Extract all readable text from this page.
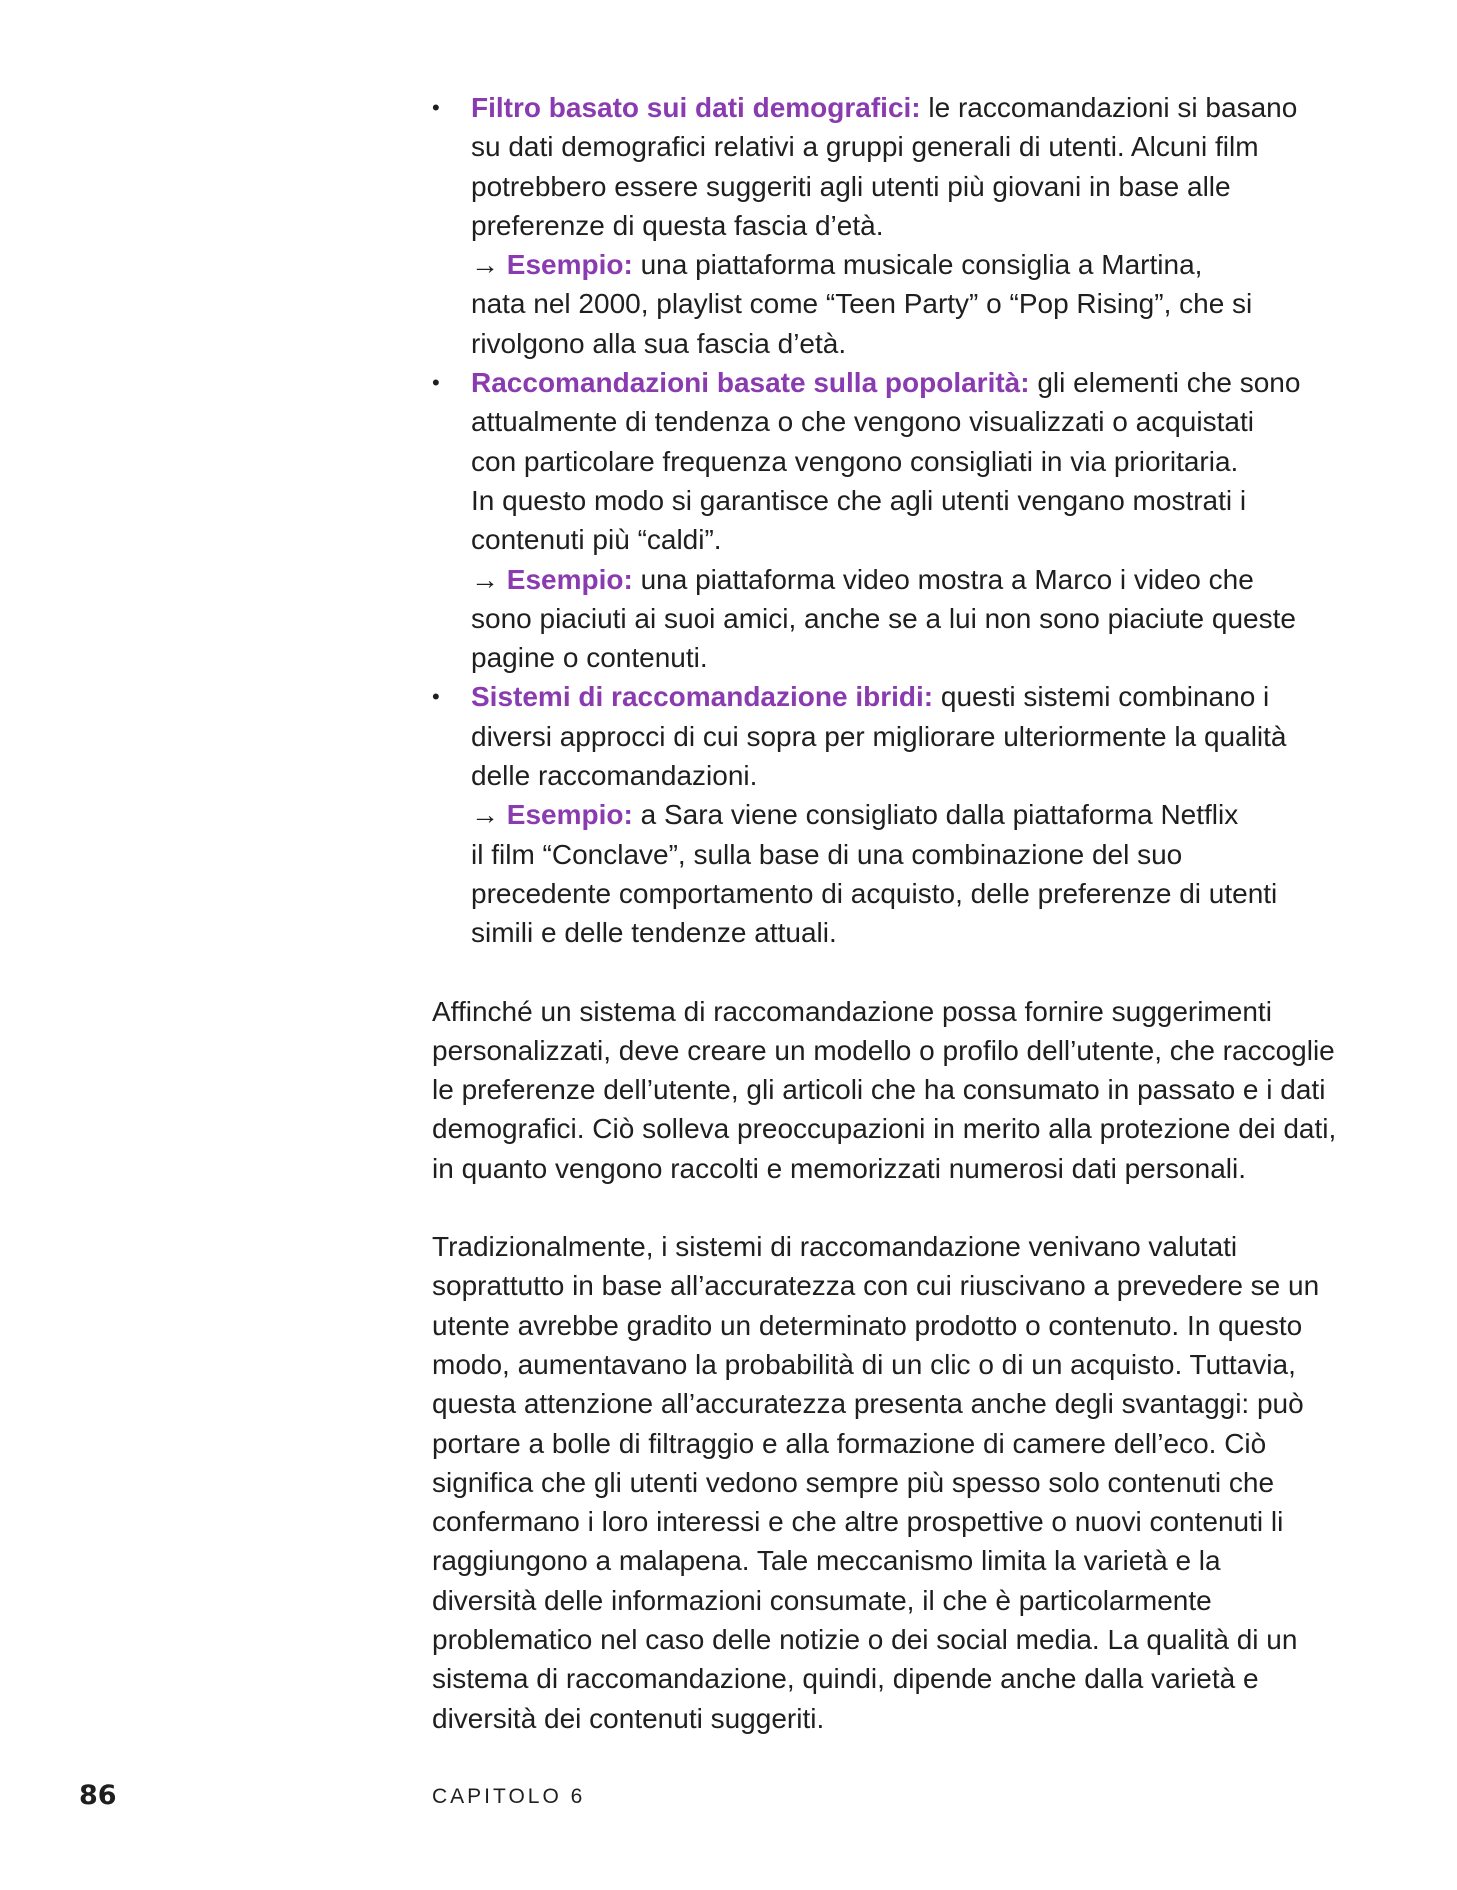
• Filtro basato sui dati demografici: le raccomandazioni si basano
su dati demografici relativi a gruppi generali di utenti. Alcuni film
potrebbero essere suggeriti agli utenti più giovani in base alle
preferenze di questa fascia d’età.
→ Esempio: una piattaforma musicale consiglia a Martina,
nata nel 2000, playlist come “Teen Party” o “Pop Rising”, che si
rivolgono alla sua fascia d’età.
• Raccomandazioni basate sulla popolarità: gli elementi che sono
attualmente di tendenza o che vengono visualizzati o acquistati
con particolare frequenza vengono consigliati in via prioritaria.
In questo modo si garantisce che agli utenti vengano mostrati i
contenuti più “caldi”.
→ Esempio: una piattaforma video mostra a Marco i video che
sono piaciuti ai suoi amici, anche se a lui non sono piaciute queste
pagine o contenuti.
• Sistemi di raccomandazione ibridi: questi sistemi combinano i
diversi approcci di cui sopra per migliorare ulteriormente la qualità
delle raccomandazioni.
→ Esempio: a Sara viene consigliato dalla piattaforma Netflix
il film “Conclave”, sulla base di una combinazione del suo
precedente comportamento di acquisto, delle preferenze di utenti
simili e delle tendenze attuali.

Affinché un sistema di raccomandazione possa fornire suggerimenti
personalizzati, deve creare un modello o profilo dell’utente, che raccoglie
le preferenze dell’utente, gli articoli che ha consumato in passato e i dati
demografici. Ciò solleva preoccupazioni in merito alla protezione dei dati,
in quanto vengono raccolti e memorizzati numerosi dati personali.

Tradizionalmente, i sistemi di raccomandazione venivano valutati
soprattutto in base all’accuratezza con cui riuscivano a prevedere se un
utente avrebbe gradito un determinato prodotto o contenuto. In questo
modo, aumentavano la probabilità di un clic o di un acquisto. Tuttavia,
questa attenzione all’accuratezza presenta anche degli svantaggi: può
portare a bolle di filtraggio e alla formazione di camere dell’eco. Ciò
significa che gli utenti vedono sempre più spesso solo contenuti che
confermano i loro interessi e che altre prospettive o nuovi contenuti li
raggiungono a malapena. Tale meccanismo limita la varietà e la
diversità delle informazioni consumate, il che è particolarmente
problematico nel caso delle notizie o dei social media. La qualità di un
sistema di raccomandazione, quindi, dipende anche dalla varietà e
diversità dei contenuti suggeriti.

86	CAPITOLO 6
